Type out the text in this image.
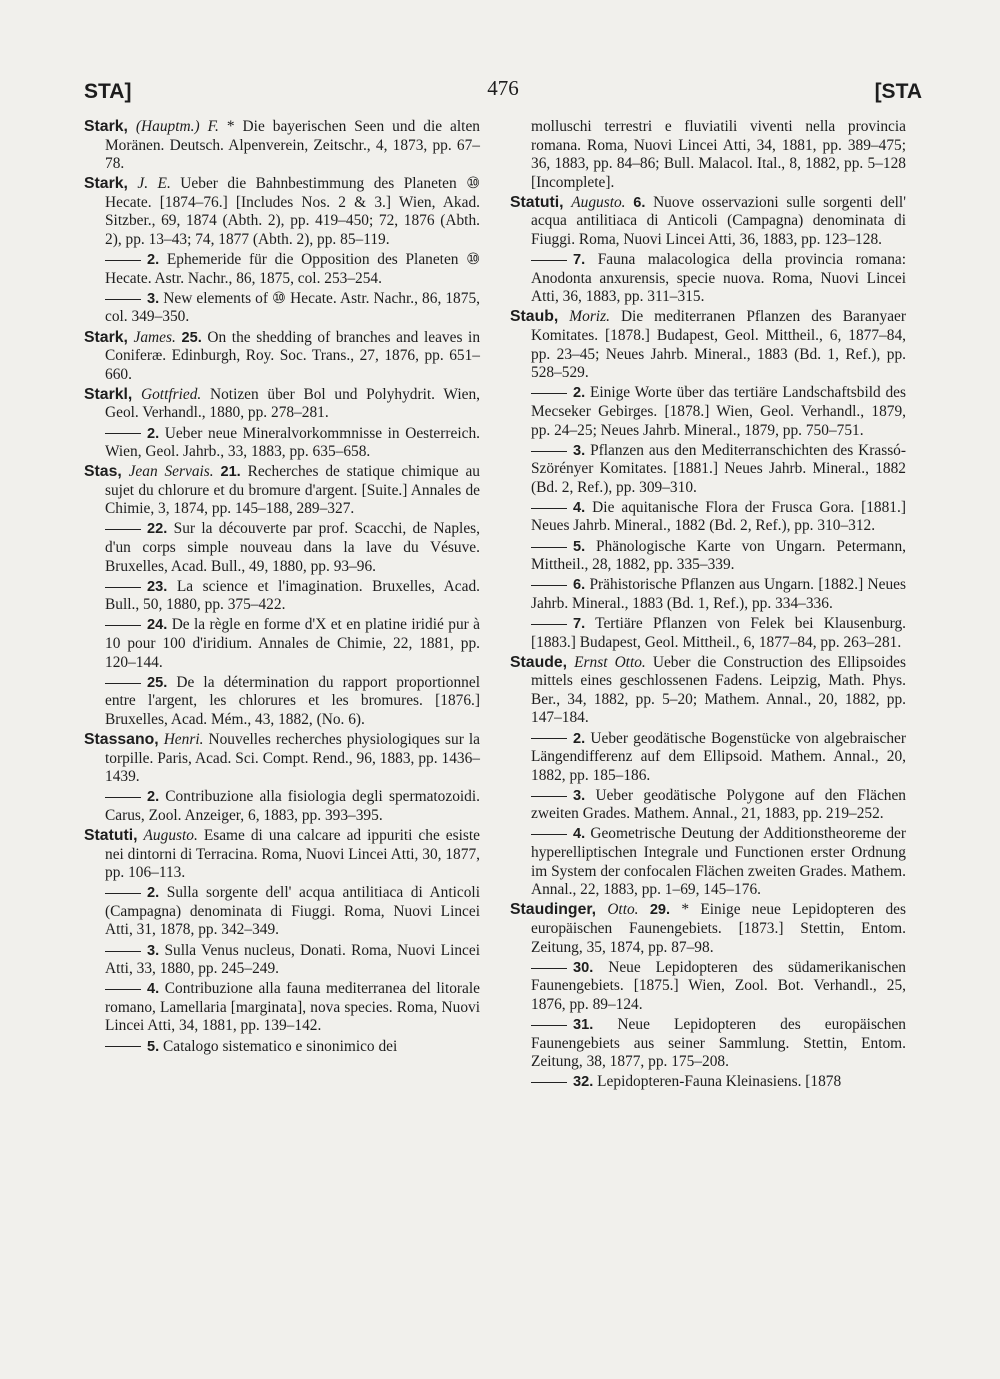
STA]	476	[STA

Stark, (Hauptm.) F. * Die bayerischen Seen und die alten Moränen. Deutsch. Alpenverein, Zeitschr., 4, 1873, pp. 67–78.

Stark, J. E. Ueber die Bahnbestimmung des Planeten ⑩ Hecate. [1874–76.] [Includes Nos. 2 & 3.] Wien, Akad. Sitzber., 69, 1874 (Abth. 2), pp. 419–450; 72, 1876 (Abth. 2), pp. 13–43; 74, 1877 (Abth. 2), pp. 85–119.

2. Ephemeride für die Opposition des Planeten ⑩ Hecate. Astr. Nachr., 86, 1875, col. 253–254.

3. New elements of ⑩ Hecate. Astr. Nachr., 86, 1875, col. 349–350.

Stark, James. 25. On the shedding of branches and leaves in Coniferæ. Edinburgh, Roy. Soc. Trans., 27, 1876, pp. 651–660.

Starkl, Gottfried. Notizen über Bol und Polyhydrit. Wien, Geol. Verhandl., 1880, pp. 278–281.

2. Ueber neue Mineralvorkommnisse in Oesterreich. Wien, Geol. Jahrb., 33, 1883, pp. 635–658.

Stas, Jean Servais. 21. Recherches de statique chimique au sujet du chlorure et du bromure d'argent. [Suite.] Annales de Chimie, 3, 1874, pp. 145–188, 289–327.

22. Sur la découverte par prof. Scacchi, de Naples, d'un corps simple nouveau dans la lave du Vésuve. Bruxelles, Acad. Bull., 49, 1880, pp. 93–96.

23. La science et l'imagination. Bruxelles, Acad. Bull., 50, 1880, pp. 375–422.

24. De la règle en forme d'X et en platine iridié pur à 10 pour 100 d'iridium. Annales de Chimie, 22, 1881, pp. 120–144.

25. De la détermination du rapport proportionnel entre l'argent, les chlorures et les bromures. [1876.] Bruxelles, Acad. Mém., 43, 1882, (No. 6).

Stassano, Henri. Nouvelles recherches physiologiques sur la torpille. Paris, Acad. Sci. Compt. Rend., 96, 1883, pp. 1436–1439.

2. Contribuzione alla fisiologia degli spermatozoidi. Carus, Zool. Anzeiger, 6, 1883, pp. 393–395.

Statuti, Augusto. Esame di una calcare ad ippuriti che esiste nei dintorni di Terracina. Roma, Nuovi Lincei Atti, 30, 1877, pp. 106–113.

2. Sulla sorgente dell' acqua antilitiaca di Anticoli (Campagna) denominata di Fiuggi. Roma, Nuovi Lincei Atti, 31, 1878, pp. 342–349.

3. Sulla Venus nucleus, Donati. Roma, Nuovi Lincei Atti, 33, 1880, pp. 245–249.

4. Contribuzione alla fauna mediterranea del litorale romano, Lamellaria [marginata], nova species. Roma, Nuovi Lincei Atti, 34, 1881, pp. 139–142.

5. Catalogo sistematico e sinonimico dei

molluschi terrestri e fluviatili viventi nella provincia romana. Roma, Nuovi Lincei Atti, 34, 1881, pp. 389–475; 36, 1883, pp. 84–86; Bull. Malacol. Ital., 8, 1882, pp. 5–128 [Incomplete].

Statuti, Augusto. 6. Nuove osservazioni sulle sorgenti dell' acqua antilitiaca di Anticoli (Campagna) denominata di Fiuggi. Roma, Nuovi Lincei Atti, 36, 1883, pp. 123–128.

7. Fauna malacologica della provincia romana: Anodonta anxurensis, specie nuova. Roma, Nuovi Lincei Atti, 36, 1883, pp. 311–315.

Staub, Moriz. Die mediterranen Pflanzen des Baranyaer Komitates. [1878.] Budapest, Geol. Mittheil., 6, 1877–84, pp. 23–45; Neues Jahrb. Mineral., 1883 (Bd. 1, Ref.), pp. 528–529.

2. Einige Worte über das tertiäre Landschaftsbild des Mecseker Gebirges. [1878.] Wien, Geol. Verhandl., 1879, pp. 24–25; Neues Jahrb. Mineral., 1879, pp. 750–751.

3. Pflanzen aus den Mediterranschichten des Krassó-Szörényer Komitates. [1881.] Neues Jahrb. Mineral., 1882 (Bd. 2, Ref.), pp. 309–310.

4. Die aquitanische Flora der Frusca Gora. [1881.] Neues Jahrb. Mineral., 1882 (Bd. 2, Ref.), pp. 310–312.

5. Phänologische Karte von Ungarn. Petermann, Mittheil., 28, 1882, pp. 335–339.

6. Prähistorische Pflanzen aus Ungarn. [1882.] Neues Jahrb. Mineral., 1883 (Bd. 1, Ref.), pp. 334–336.

7. Tertiäre Pflanzen von Felek bei Klausenburg. [1883.] Budapest, Geol. Mittheil., 6, 1877–84, pp. 263–281.

Staude, Ernst Otto. Ueber die Construction des Ellipsoides mittels eines geschlossenen Fadens. Leipzig, Math. Phys. Ber., 34, 1882, pp. 5–20; Mathem. Annal., 20, 1882, pp. 147–184.

2. Ueber geodätische Bogenstücke von algebraischer Längendifferenz auf dem Ellipsoid. Mathem. Annal., 20, 1882, pp. 185–186.

3. Ueber geodätische Polygone auf den Flächen zweiten Grades. Mathem. Annal., 21, 1883, pp. 219–252.

4. Geometrische Deutung der Additionstheoreme der hyperelliptischen Integrale und Functionen erster Ordnung im System der confocalen Flächen zweiten Grades. Mathem. Annal., 22, 1883, pp. 1–69, 145–176.

Staudinger, Otto. 29. * Einige neue Lepidopteren des europäischen Faunengebiets. [1873.] Stettin, Entom. Zeitung, 35, 1874, pp. 87–98.

30. Neue Lepidopteren des südamerikanischen Faunengebiets. [1875.] Wien, Zool. Bot. Verhandl., 25, 1876, pp. 89–124.

31. Neue Lepidopteren des europäischen Faunengebiets aus seiner Sammlung. Stettin, Entom. Zeitung, 38, 1877, pp. 175–208.

32. Lepidopteren-Fauna Kleinasiens. [1878
